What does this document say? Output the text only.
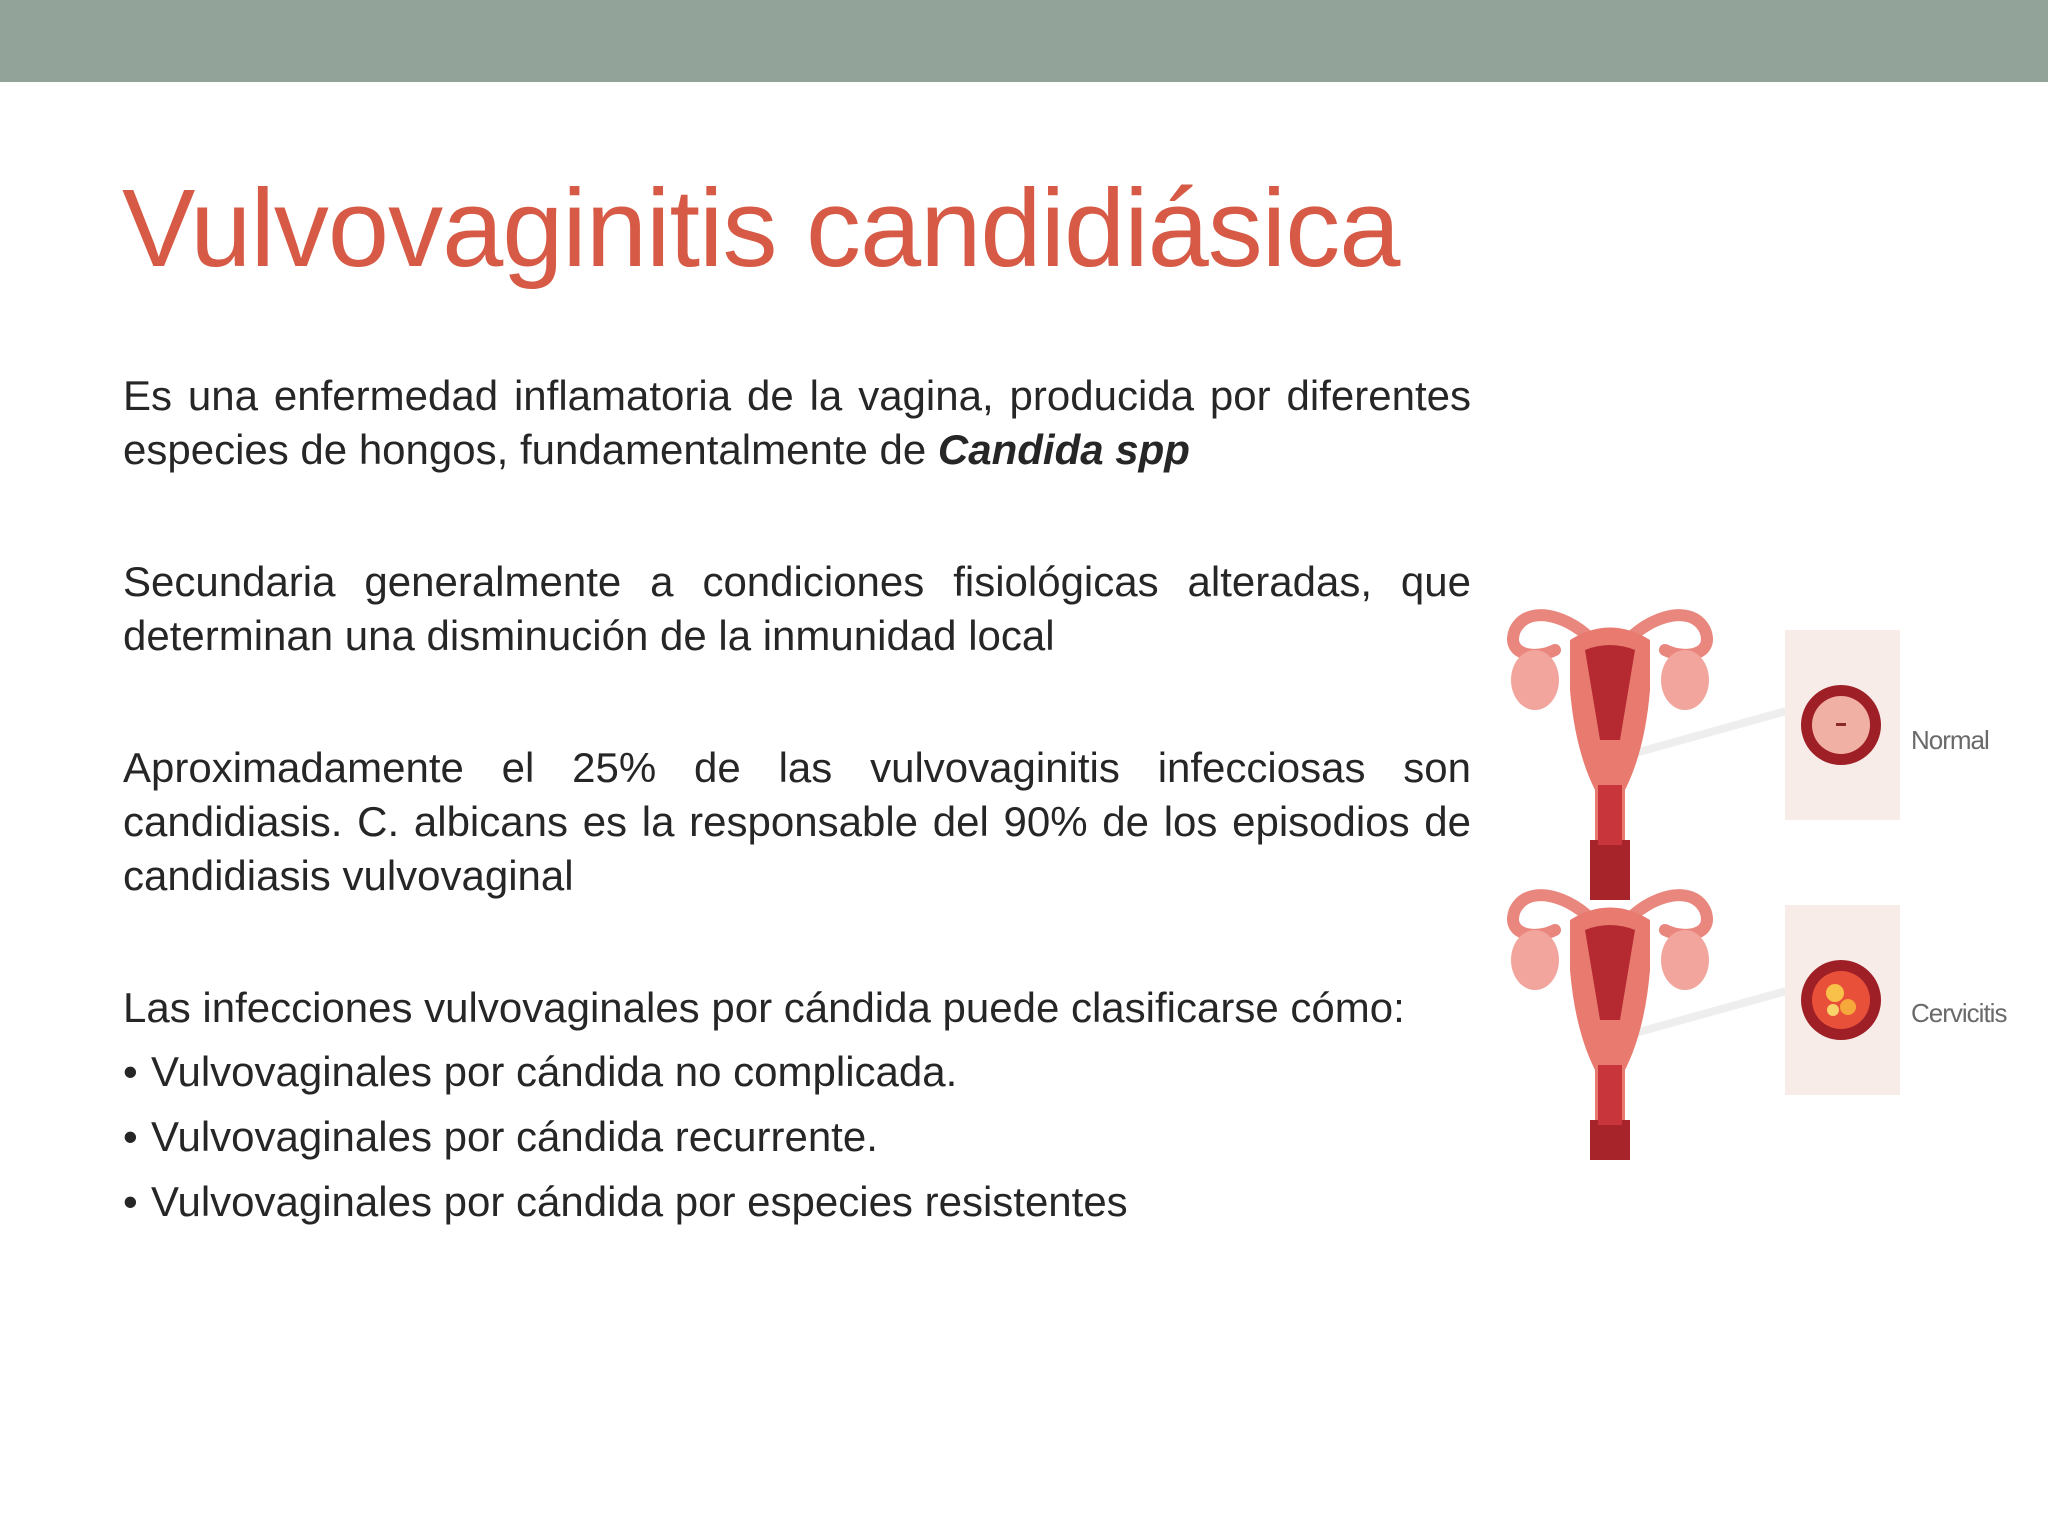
Vulvovaginitis candidiásica

Es una enfermedad inflamatoria de la vagina, producida por diferentes especies de hongos, fundamentalmente de Candida spp

Secundaria generalmente a condiciones fisiológicas alteradas, que determinan una disminución de la inmunidad local

Aproximadamente el 25% de las vulvovaginitis infecciosas son candidiasis. C. albicans es la responsable del 90% de los episodios de candidiasis vulvovaginal

Las infecciones vulvovaginales por cándida puede clasificarse cómo:

• Vulvovaginales por cándida no complicada.
• Vulvovaginales por cándida recurrente.
• Vulvovaginales por cándida por especies resistentes
Normal
Cervicitis
